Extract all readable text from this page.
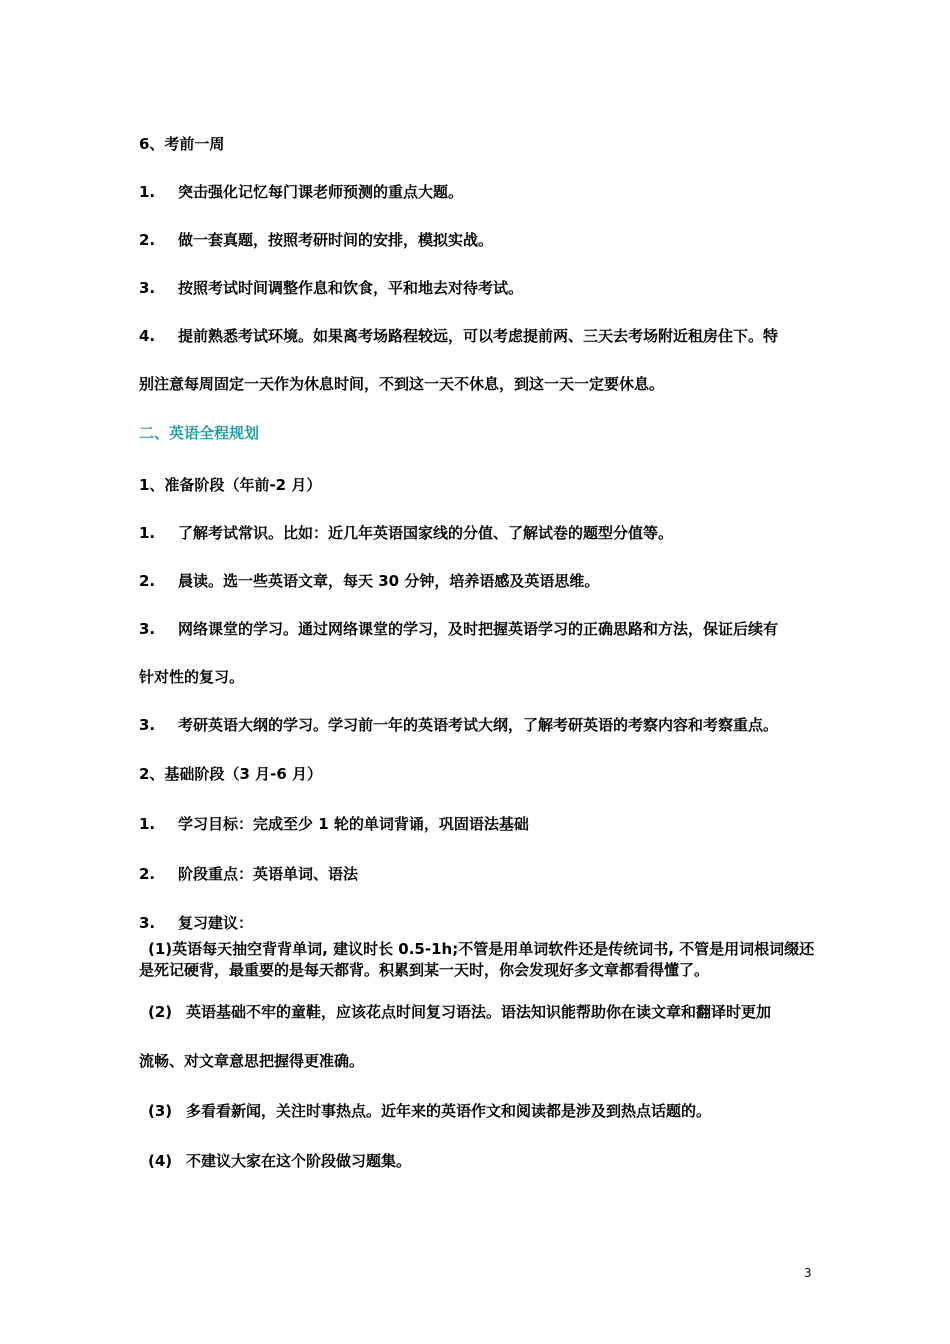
6、考前一周
1. 突击强化记忆每门课老师预测的重点大题。
2. 做一套真题，按照考研时间的安排，模拟实战。
3. 按照考试时间调整作息和饮食，平和地去对待考试。
4. 提前熟悉考试环境。如果离考场路程较远，可以考虑提前两、三天去考场附近租房住下。特
别注意每周固定一天作为休息时间，不到这一天不休息，到这一天一定要休息。
二、英语全程规划
1、准备阶段（年前-2 月）
1. 了解考试常识。比如：近几年英语国家线的分值、了解试卷的题型分值等。
2. 晨读。选一些英语文章，每天 30 分钟，培养语感及英语思维。
3. 网络课堂的学习。通过网络课堂的学习，及时把握英语学习的正确思路和方法，保证后续有
针对性的复习。
3. 考研英语大纲的学习。学习前一年的英语考试大纲，了解考研英语的考察内容和考察重点。
2、基础阶段（3 月-6 月）
1. 学习目标：完成至少 1 轮的单词背诵，巩固语法基础
2. 阶段重点：英语单词、语法
3. 复习建议：
(1)英语每天抽空背背单词, 建议时长 0.5-1h;不管是用单词软件还是传统词书, 不管是用词根词缀还是死记硬背，最重要的是每天都背。积累到某一天时，你会发现好多文章都看得懂了。
(2) 英语基础不牢的童鞋，应该花点时间复习语法。语法知识能帮助你在读文章和翻译时更加
流畅、对文章意思把握得更准确。
(3) 多看看新闻，关注时事热点。近年来的英语作文和阅读都是涉及到热点话题的。
(4) 不建议大家在这个阶段做习题集。
3
